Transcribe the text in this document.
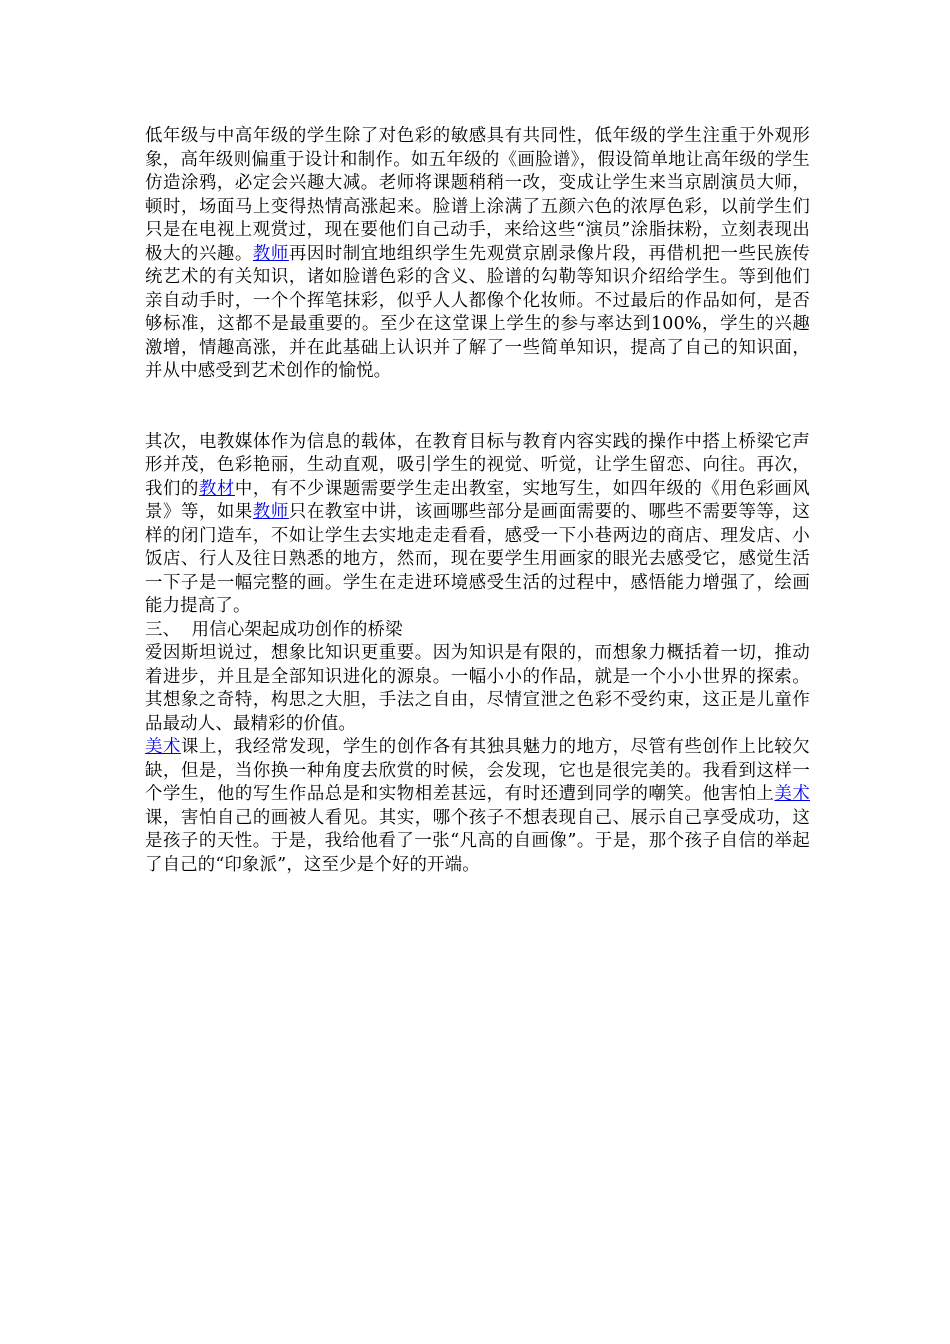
低年级与中高年级的学生除了对色彩的敏感具有共同性，低年级的学生注重于外观形象，高年级则偏重于设计和制作。如五年级的《画脸谱》，假设简单地让高年级的学生仿造涂鸦，必定会兴趣大减。老师将课题稍稍一改，变成让学生来当京剧演员大师，顿时，场面马上变得热情高涨起来。脸谱上涂满了五颜六色的浓厚色彩，以前学生们只是在电视上观赏过，现在要他们自己动手，来给这些“演员”涂脂抹粉，立刻表现出极大的兴趣。教师再因时制宜地组织学生先观赏京剧录像片段，再借机把一些民族传统艺术的有关知识，诸如脸谱色彩的含义、脸谱的勾勒等知识介绍给学生。等到他们亲自动手时，一个个挥笔抹彩，似乎人人都像个化妆师。不过最后的作品如何，是否够标准，这都不是最重要的。至少在这堂课上学生的参与率达到100%，学生的兴趣激增，情趣高涨，并在此基础上认识并了解了一些简单知识，提高了自己的知识面，并从中感受到艺术创作的愉悦。

其次，电教媒体作为信息的载体，在教育目标与教育内容实践的操作中搭上桥梁它声形并茂，色彩艳丽，生动直观，吸引学生的视觉、听觉，让学生留恋、向往。再次，我们的教材中，有不少课题需要学生走出教室，实地写生，如四年级的《用色彩画风景》等，如果教师只在教室中讲，该画哪些部分是画面需要的、哪些不需要等等，这样的闭门造车，不如让学生去实地走走看看，感受一下小巷两边的商店、理发店、小饭店、行人及往日熟悉的地方，然而，现在要学生用画家的眼光去感受它，感觉生活一下子是一幅完整的画。学生在走进环境感受生活的过程中，感悟能力增强了，绘画能力提高了。

三、  用信心架起成功创作的桥梁

爱因斯坦说过，想象比知识更重要。因为知识是有限的，而想象力概括着一切，推动着进步，并且是全部知识进化的源泉。一幅小小的作品，就是一个小小世界的探索。其想象之奇特，构思之大胆，手法之自由，尽情宣泄之色彩不受约束，这正是儿童作品最动人、最精彩的价值。

美术课上，我经常发现，学生的创作各有其独具魅力的地方，尽管有些创作上比较欠缺，但是，当你换一种角度去欣赏的时候，会发现，它也是很完美的。我看到这样一个学生，他的写生作品总是和实物相差甚远，有时还遭到同学的嘲笑。他害怕上美术课，害怕自己的画被人看见。其实，哪个孩子不想表现自己、展示自己享受成功，这是孩子的天性。于是，我给他看了一张“凡高的自画像”。于是，那个孩子自信的举起了自己的“印象派”，这至少是个好的开端。
